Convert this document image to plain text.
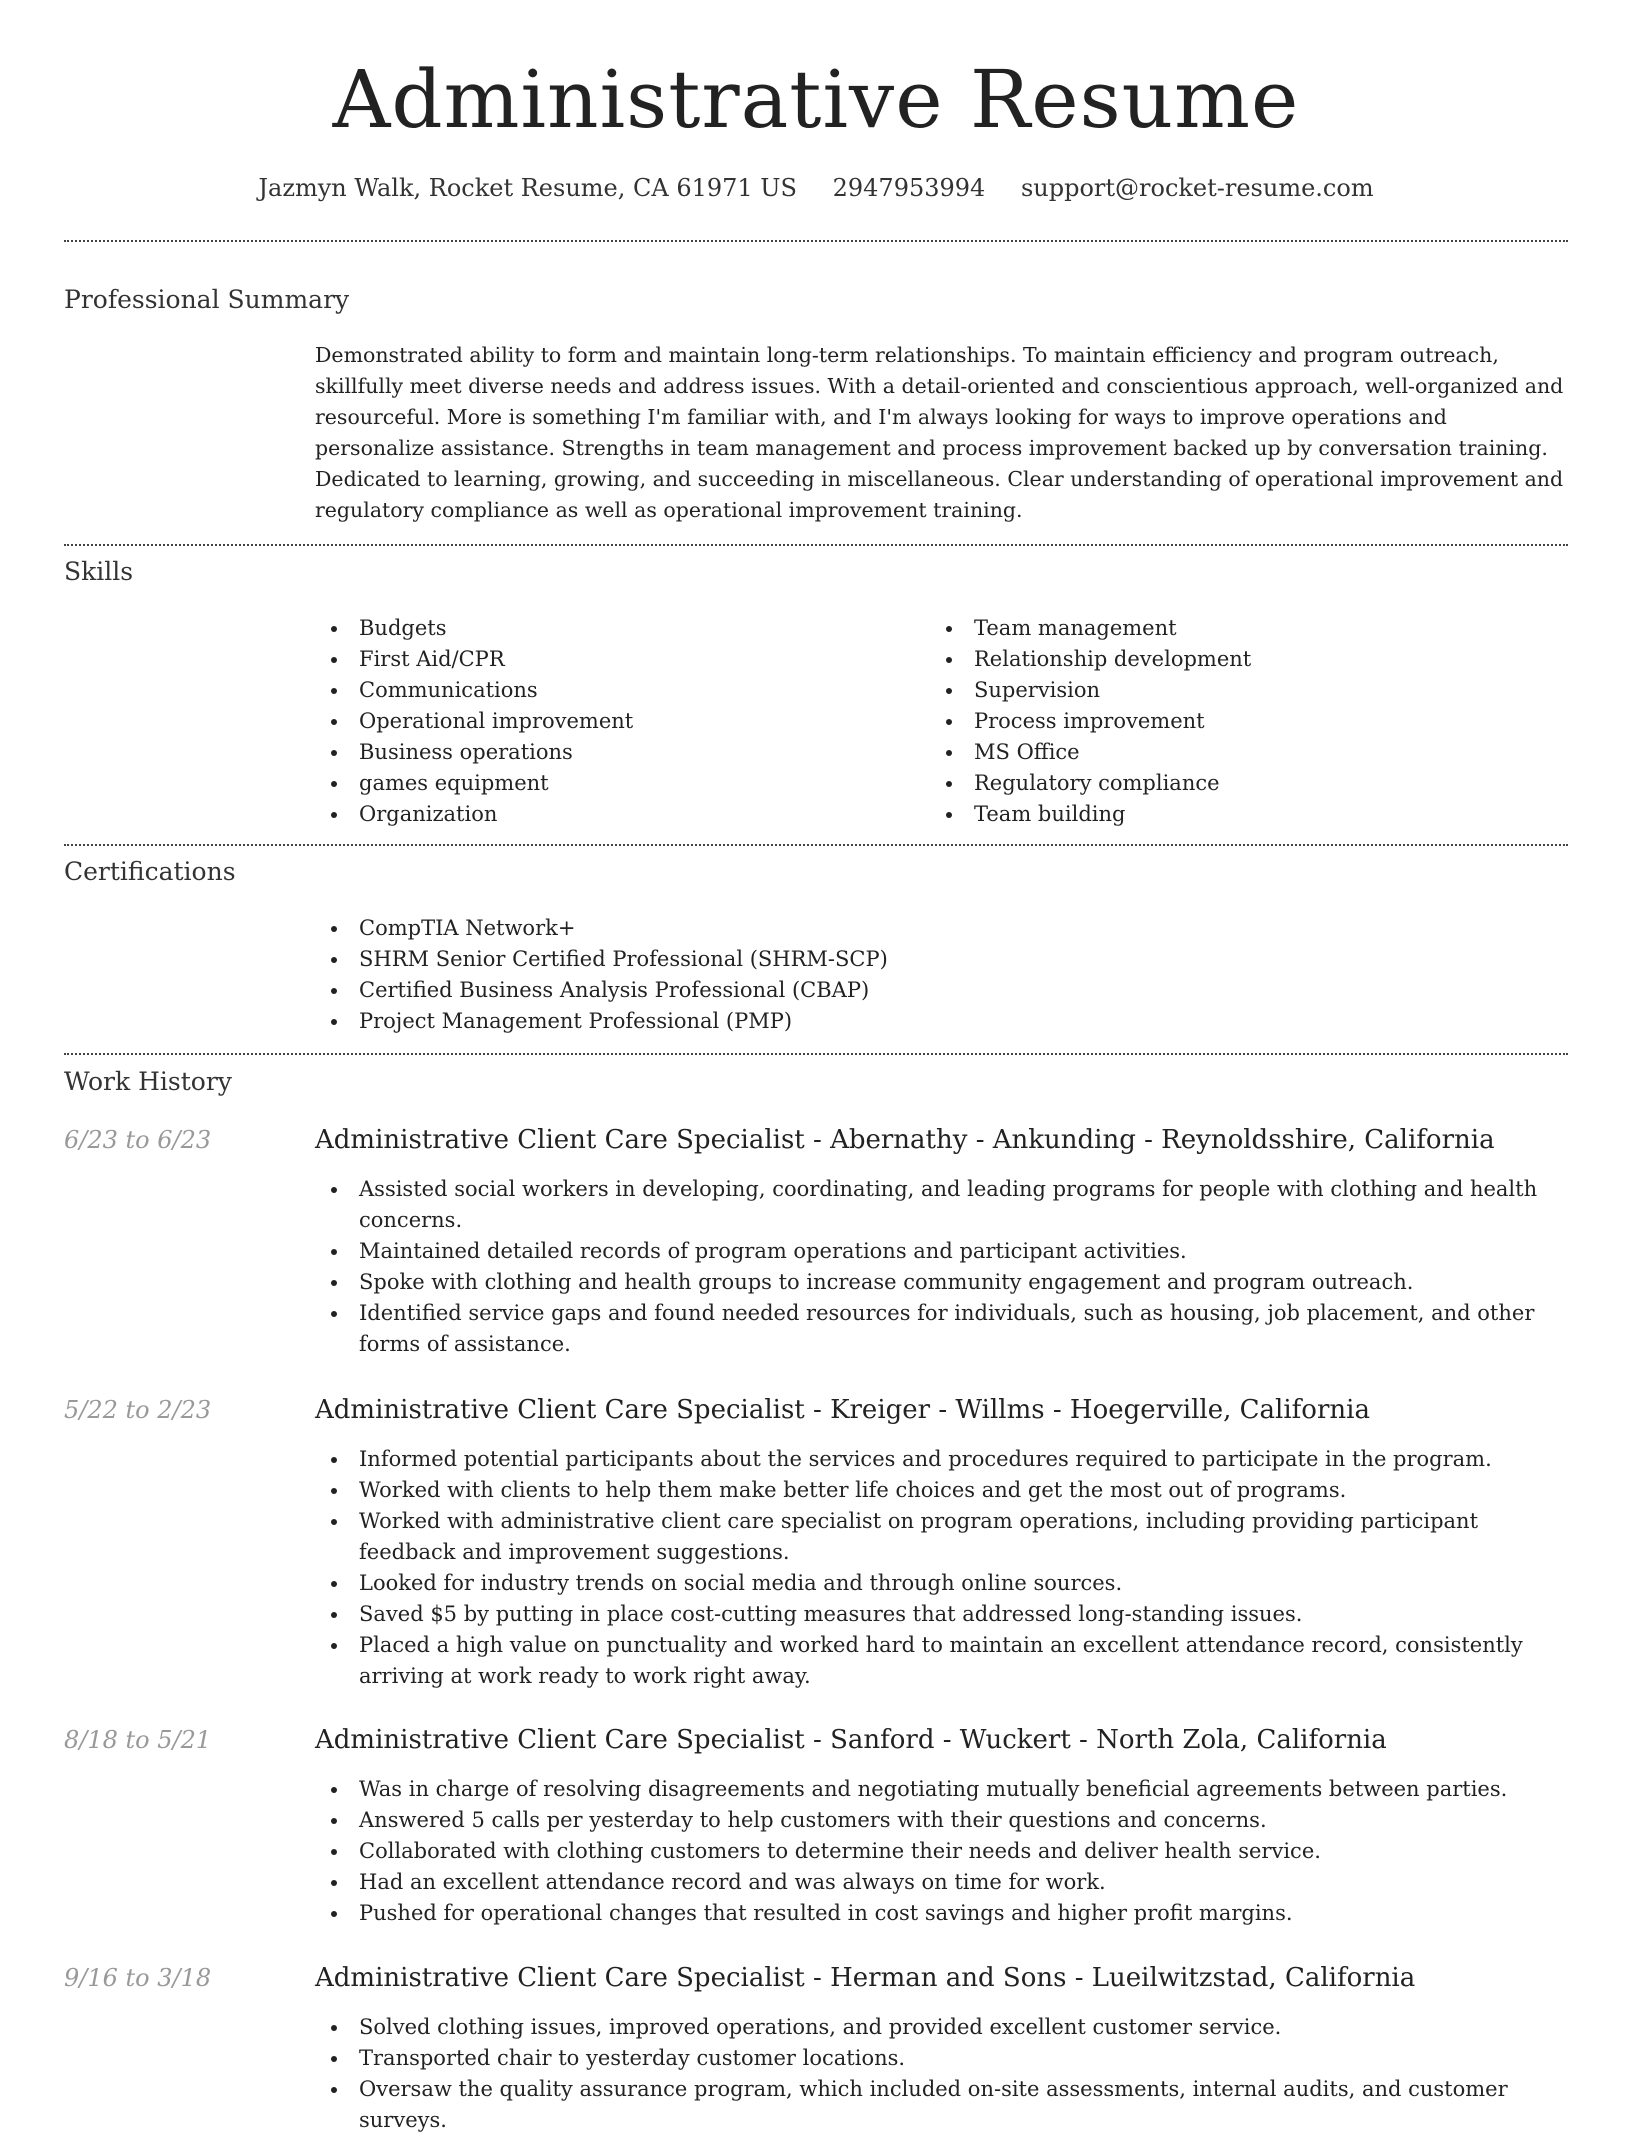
Administrative Resume
Jazmyn Walk, Rocket Resume, CA 61971 US 2947953994 support@rocket-resume.com
Professional Summary

Demonstrated ability to form and maintain long-term relationships. To maintain efficiency and program outreach, skillfully meet diverse needs and address issues. With a detail-oriented and conscientious approach, well-organized and resourceful. More is something I'm familiar with, and I'm always looking for ways to improve operations and personalize assistance. Strengths in team management and process improvement backed up by conversation training. Dedicated to learning, growing, and succeeding in miscellaneous. Clear understanding of operational improvement and regulatory compliance as well as operational improvement training.

Skills
Budgets
First Aid/CPR
Communications
Operational improvement
Business operations
games equipment
Organization
Team management
Relationship development
Supervision
Process improvement
MS Office
Regulatory compliance
Team building
Certifications
CompTIA Network+
SHRM Senior Certified Professional (SHRM-SCP)
Certified Business Analysis Professional (CBAP)
Project Management Professional (PMP)
Work History
6/23 to 6/23	Administrative Client Care Specialist - Abernathy - Ankunding - Reynoldsshire, California
Assisted social workers in developing, coordinating, and leading programs for people with clothing and health concerns.
Maintained detailed records of program operations and participant activities.
Spoke with clothing and health groups to increase community engagement and program outreach.
Identified service gaps and found needed resources for individuals, such as housing, job placement, and other forms of assistance.
5/22 to 2/23	Administrative Client Care Specialist - Kreiger - Willms - Hoegerville, California
Informed potential participants about the services and procedures required to participate in the program.
Worked with clients to help them make better life choices and get the most out of programs.
Worked with administrative client care specialist on program operations, including providing participant feedback and improvement suggestions.
Looked for industry trends on social media and through online sources.
Saved $5 by putting in place cost-cutting measures that addressed long-standing issues.
Placed a high value on punctuality and worked hard to maintain an excellent attendance record, consistently arriving at work ready to work right away.
8/18 to 5/21	Administrative Client Care Specialist - Sanford - Wuckert - North Zola, California
Was in charge of resolving disagreements and negotiating mutually beneficial agreements between parties.
Answered 5 calls per yesterday to help customers with their questions and concerns.
Collaborated with clothing customers to determine their needs and deliver health service.
Had an excellent attendance record and was always on time for work.
Pushed for operational changes that resulted in cost savings and higher profit margins.
9/16 to 3/18	Administrative Client Care Specialist - Herman and Sons - Lueilwitzstad, California
Solved clothing issues, improved operations, and provided excellent customer service.
Transported chair to yesterday customer locations.
Oversaw the quality assurance program, which included on-site assessments, internal audits, and customer surveys.
